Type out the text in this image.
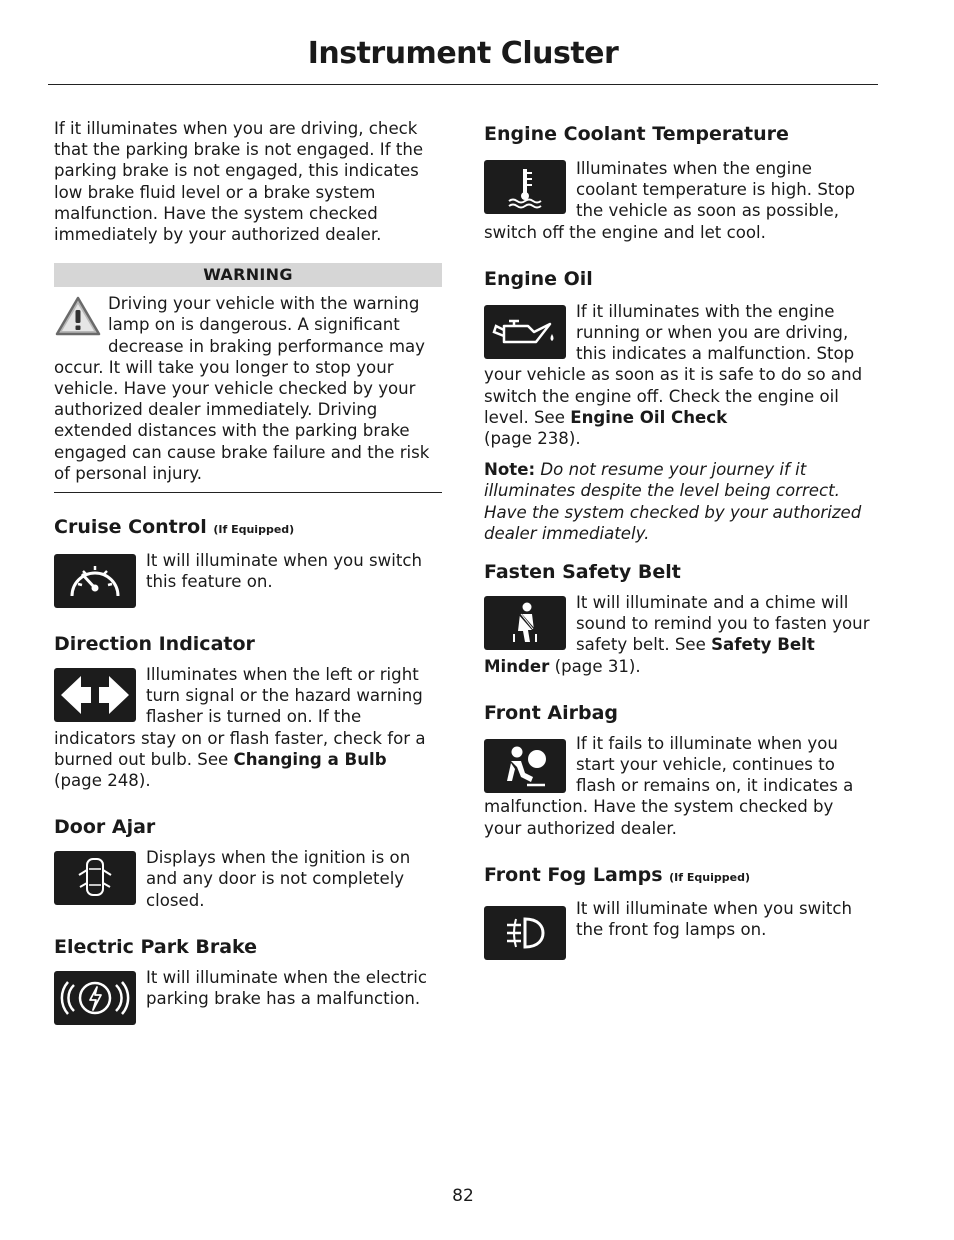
Instrument Cluster

If it illuminates when you are driving, check that the parking brake is not engaged. If the parking brake is not engaged, this indicates low brake fluid level or a brake system malfunction. Have the system checked immediately by your authorized dealer.

WARNING

Driving your vehicle with the warning lamp on is dangerous. A significant decrease in braking performance may occur. It will take you longer to stop your vehicle. Have your vehicle checked by your authorized dealer immediately. Driving extended distances with the parking brake engaged can cause brake failure and the risk of personal injury.

Cruise Control (If Equipped)

It will illuminate when you switch this feature on.

Direction Indicator

Illuminates when the left or right turn signal or the hazard warning flasher is turned on. If the indicators stay on or flash faster, check for a burned out bulb. See Changing a Bulb
(page 248).

Door Ajar

Displays when the ignition is on and any door is not completely closed.

Electric Park Brake

It will illuminate when the electric parking brake has a malfunction.

Engine Coolant Temperature

Illuminates when the engine coolant temperature is high. Stop the vehicle as soon as possible, switch off the engine and let cool.

Engine Oil

If it illuminates with the engine running or when you are driving, this indicates a malfunction. Stop your vehicle as soon as it is safe to do so and switch the engine off. Check the engine oil level. See Engine Oil Check
(page 238).

Note: Do not resume your journey if it illuminates despite the level being correct. Have the system checked by your authorized dealer immediately.

Fasten Safety Belt

It will illuminate and a chime will sound to remind you to fasten your safety belt. See Safety Belt Minder (page 31).

Front Airbag

If it fails to illuminate when you start your vehicle, continues to flash or remains on, it indicates a malfunction. Have the system checked by your authorized dealer.

Front Fog Lamps (If Equipped)

It will illuminate when you switch the front fog lamps on.

82
